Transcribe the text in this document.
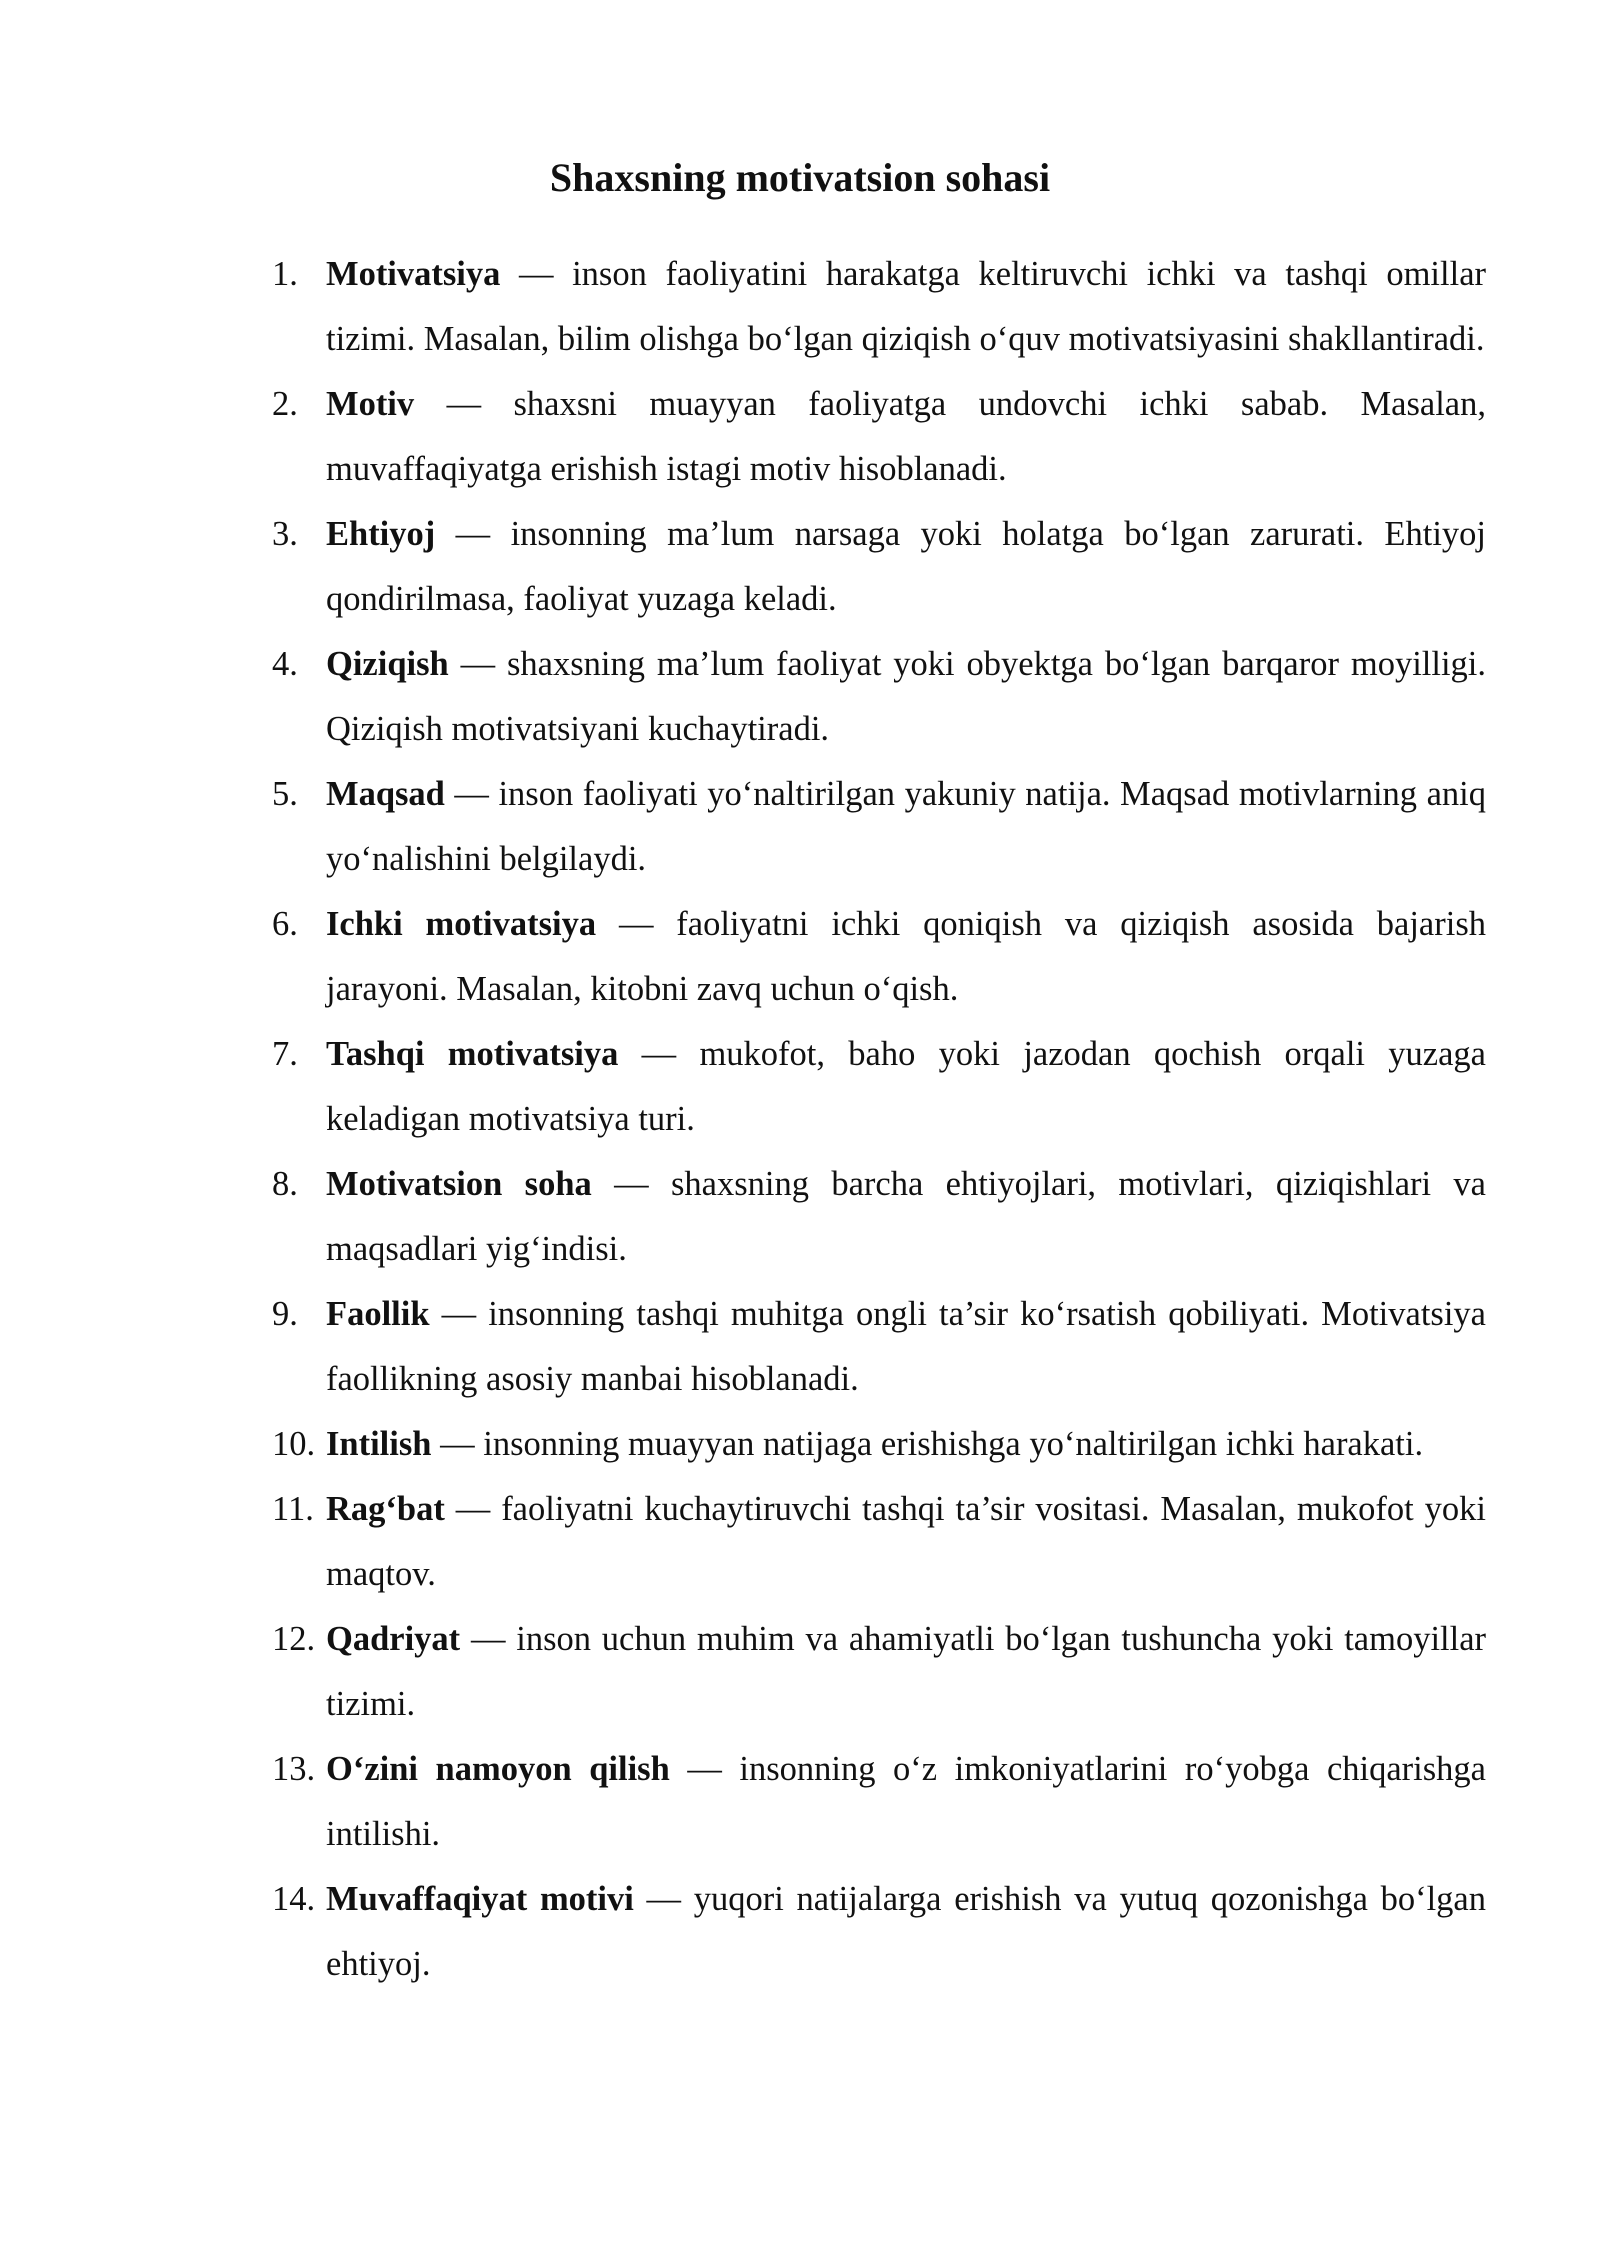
Shaxsning motivatsion sohasi
1. Motivatsiya — inson faoliyatini harakatga keltiruvchi ichki va tashqi omillar tizimi. Masalan, bilim olishga bo‘lgan qiziqish o‘quv motivatsiyasini shakllantiradi.
2. Motiv — shaxsni muayyan faoliyatga undovchi ichki sabab. Masalan, muvaffaqiyatga erishish istagi motiv hisoblanadi.
3. Ehtiyoj — insonning ma’lum narsaga yoki holatga bo‘lgan zarurati. Ehtiyoj qondirilmasa, faoliyat yuzaga keladi.
4. Qiziqish — shaxsning ma’lum faoliyat yoki obyektga bo‘lgan barqaror moyilligi. Qiziqish motivatsiyani kuchaytiradi.
5. Maqsad — inson faoliyati yo‘naltirilgan yakuniy natija. Maqsad motivlarning aniq yo‘nalishini belgilaydi.
6. Ichki motivatsiya — faoliyatni ichki qoniqish va qiziqish asosida bajarish jarayoni. Masalan, kitobni zavq uchun o‘qish.
7. Tashqi motivatsiya — mukofot, baho yoki jazodan qochish orqali yuzaga keladigan motivatsiya turi.
8. Motivatsion soha — shaxsning barcha ehtiyojlari, motivlari, qiziqishlari va maqsadlari yig‘indisi.
9. Faollik — insonning tashqi muhitga ongli ta’sir ko‘rsatish qobiliyati. Motivatsiya faollikning asosiy manbai hisoblanadi.
10. Intilish — insonning muayyan natijaga erishishga yo‘naltirilgan ichki harakati.
11. Rag‘bat — faoliyatni kuchaytiruvchi tashqi ta’sir vositasi. Masalan, mukofot yoki maqtov.
12. Qadriyat — inson uchun muhim va ahamiyatli bo‘lgan tushuncha yoki tamoyillar tizimi.
13. O‘zini namoyon qilish — insonning o‘z imkoniyatlarini ro‘yobga chiqarishga intilishi.
14. Muvaffaqiyat motivi — yuqori natijalarga erishish va yutuq qozonishga bo‘lgan ehtiyoj.
